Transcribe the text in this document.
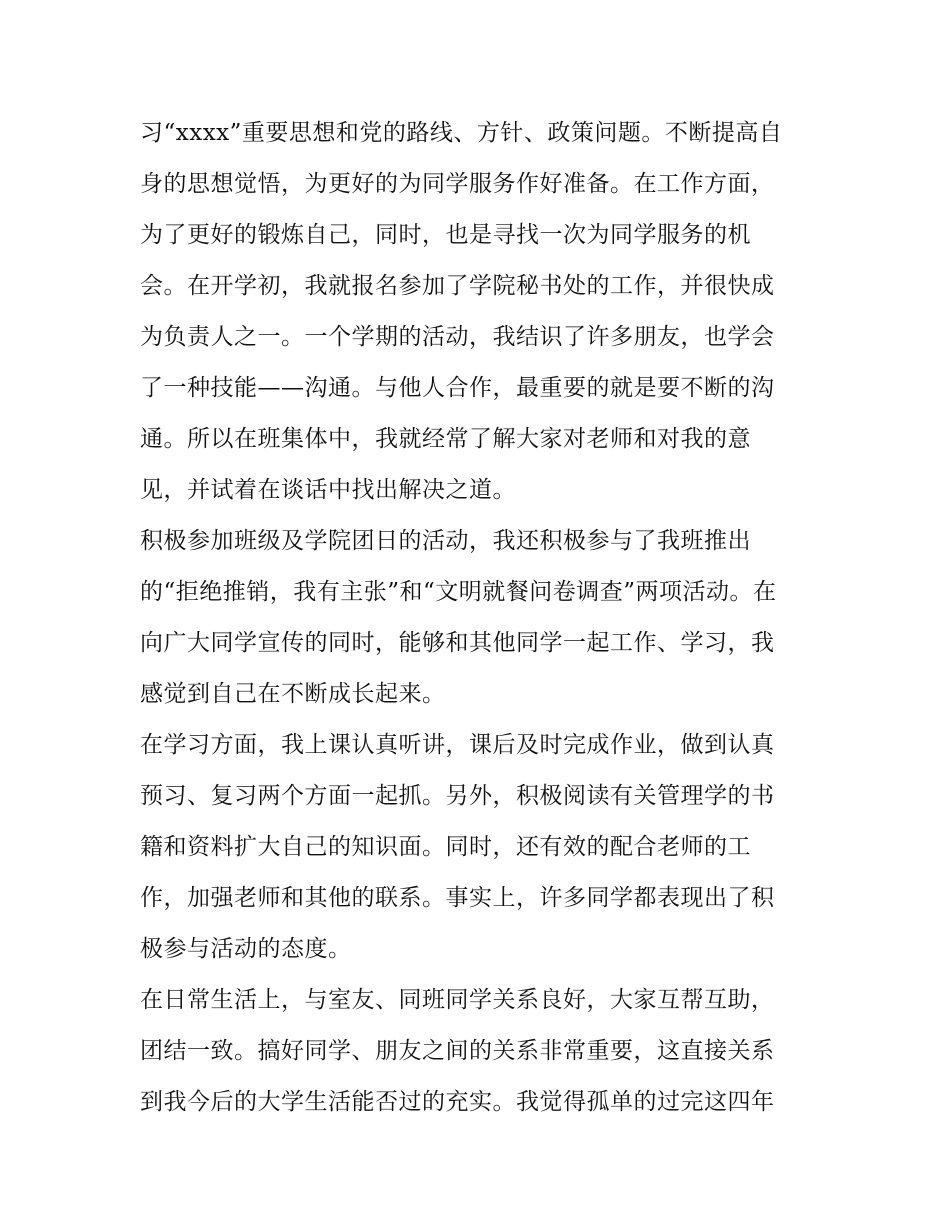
习“xxxx”重要思想和党的路线、方针、政策问题。不断提高自
身的思想觉悟，为更好的为同学服务作好准备。在工作方面，
为了更好的锻炼自己，同时，也是寻找一次为同学服务的机
会。在开学初，我就报名参加了学院秘书处的工作，并很快成
为负责人之一。一个学期的活动，我结识了许多朋友，也学会
了一种技能——沟通。与他人合作，最重要的就是要不断的沟
通。所以在班集体中，我就经常了解大家对老师和对我的意
见，并试着在谈话中找出解决之道。
积极参加班级及学院团日的活动，我还积极参与了我班推出
的“拒绝推销，我有主张”和“文明就餐问卷调查”两项活动。在
向广大同学宣传的同时，能够和其他同学一起工作、学习，我
感觉到自己在不断成长起来。
在学习方面，我上课认真听讲，课后及时完成作业，做到认真
预习、复习两个方面一起抓。另外，积极阅读有关管理学的书
籍和资料扩大自己的知识面。同时，还有效的配合老师的工
作，加强老师和其他的联系。事实上，许多同学都表现出了积
极参与活动的态度。
在日常生活上，与室友、同班同学关系良好，大家互帮互助，
团结一致。搞好同学、朋友之间的关系非常重要，这直接关系
到我今后的大学生活能否过的充实。我觉得孤单的过完这四年
